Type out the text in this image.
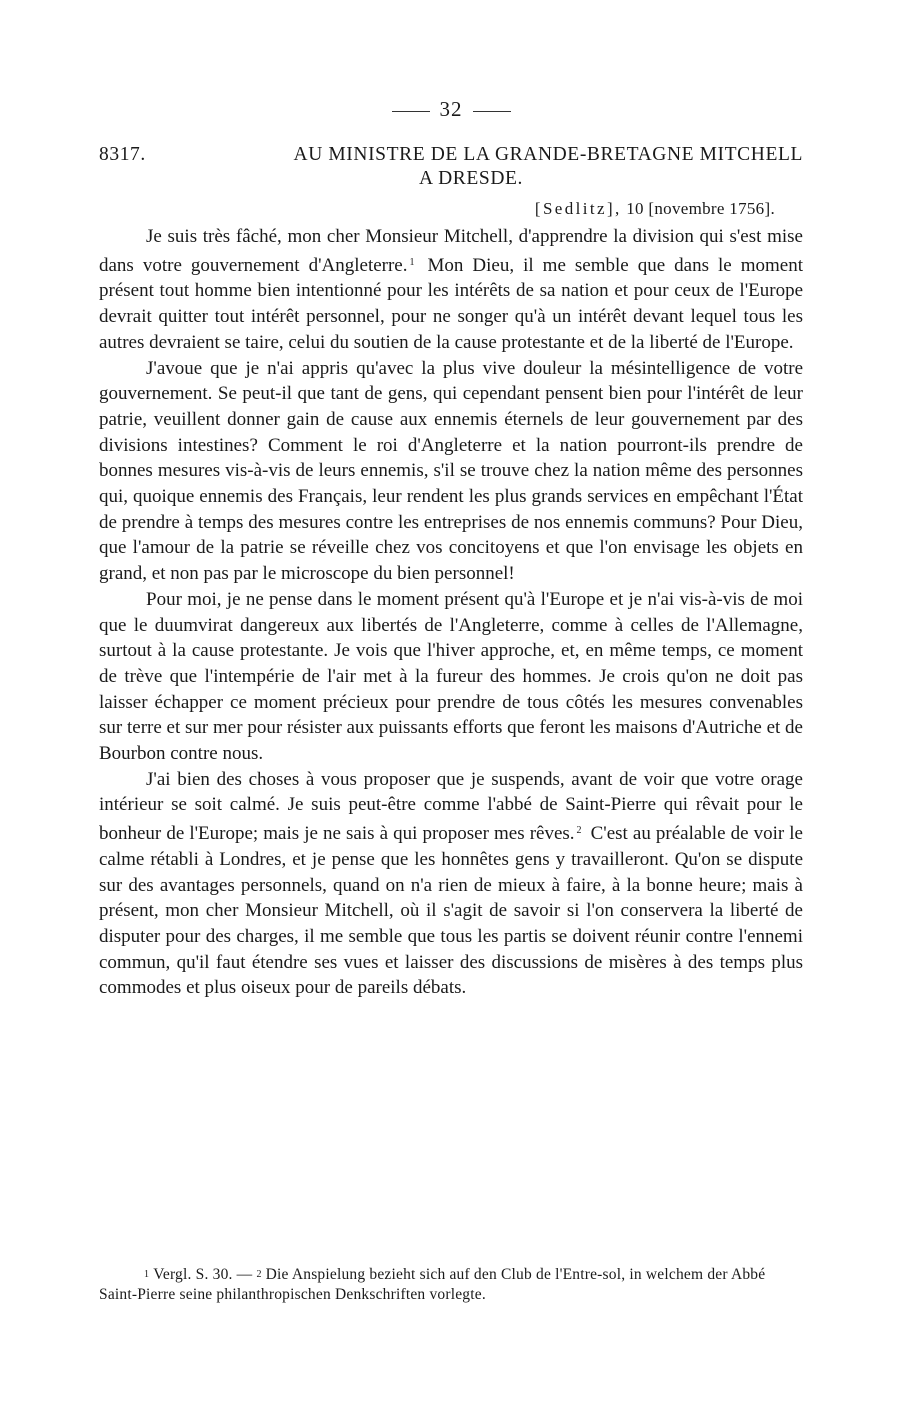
32
8317.	AU MINISTRE DE LA GRANDE-BRETAGNE MITCHELL
A DRESDE.
[Sedlitz], 10 [novembre 1756].

Je suis très fâché, mon cher Monsieur Mitchell, d'apprendre la division qui s'est mise dans votre gouvernement d'Angleterre. $^1$ Mon Dieu, il me semble que dans le moment présent tout homme bien intentionné pour les intérêts de sa nation et pour ceux de l'Europe devrait quitter tout intérêt personnel, pour ne songer qu'à un intérêt devant lequel tous les autres devraient se taire, celui du soutien de la cause protestante et de la liberté de l'Europe.

J'avoue que je n'ai appris qu'avec la plus vive douleur la mésintelligence de votre gouvernement. Se peut-il que tant de gens, qui cependant pensent bien pour l'intérêt de leur patrie, veuillent donner gain de cause aux ennemis éternels de leur gouvernement par des divisions intestines? Comment le roi d'Angleterre et la nation pourront-ils prendre de bonnes mesures vis-à-vis de leurs ennemis, s'il se trouve chez la nation même des personnes qui, quoique ennemis des Français, leur rendent les plus grands services en empêchant l'État de prendre à temps des mesures contre les entreprises de nos ennemis communs? Pour Dieu, que l'amour de la patrie se réveille chez vos concitoyens et que l'on envisage les objets en grand, et non pas par le microscope du bien personnel!

Pour moi, je ne pense dans le moment présent qu'à l'Europe et je n'ai vis-à-vis de moi que le duumvirat dangereux aux libertés de l'Angleterre, comme à celles de l'Allemagne, surtout à la cause protestante. Je vois que l'hiver approche, et, en même temps, ce moment de trève que l'intempérie de l'air met à la fureur des hommes. Je crois qu'on ne doit pas laisser échapper ce moment précieux pour prendre de tous côtés les mesures convenables sur terre et sur mer pour résister aux puissants efforts que feront les maisons d'Autriche et de Bourbon contre nous.

J'ai bien des choses à vous proposer que je suspends, avant de voir que votre orage intérieur se soit calmé. Je suis peut-être comme l'abbé de Saint-Pierre qui rêvait pour le bonheur de l'Europe; mais je ne sais à qui proposer mes rêves. $^2$ C'est au préalable de voir le calme rétabli à Londres, et je pense que les honnêtes gens y travailleront. Qu'on se dispute sur des avantages personnels, quand on n'a rien de mieux à faire, à la bonne heure; mais à présent, mon cher Monsieur Mitchell, où il s'agit de savoir si l'on conservera la liberté de disputer pour des charges, il me semble que tous les partis se doivent réunir contre l'ennemi commun, qu'il faut étendre ses vues et laisser des discussions de misères à des temps plus commodes et plus oiseux pour de pareils débats.

1 Vergl. S. 30. — 2 Die Anspielung bezieht sich auf den Club de l'Entre-sol, in welchem der Abbé Saint-Pierre seine philanthropischen Denkschriften vorlegte.
